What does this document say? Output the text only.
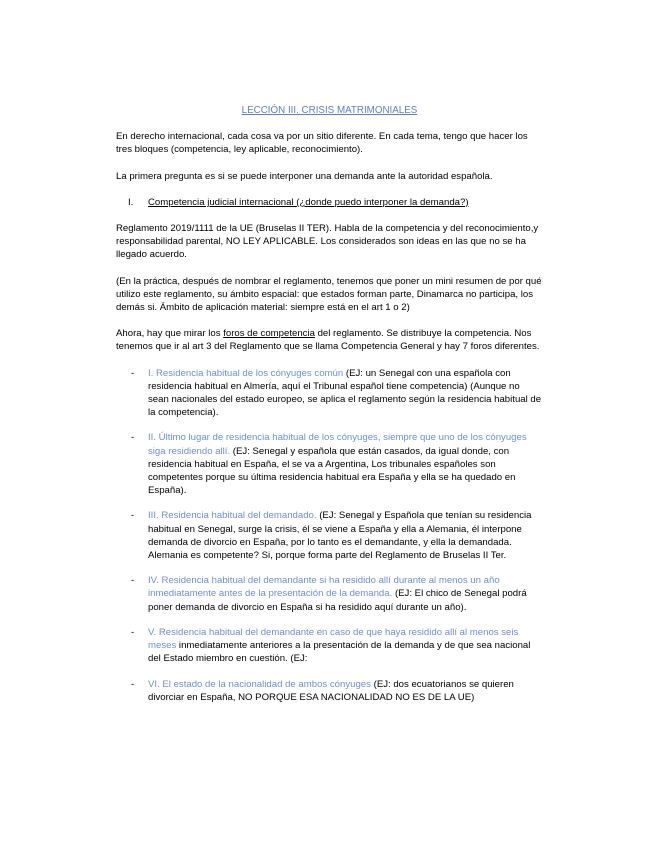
LECCIÓN III. CRISIS MATRIMONIALES

En derecho internacional, cada cosa va por un sitio diferente. En cada tema, tengo que hacer los tres bloques (competencia, ley aplicable, reconocimiento).

La primera pregunta es si se puede interponer una demanda ante la autoridad española.

I.	Competencia judicial internacional (¿donde puedo interponer la demanda?)

Reglamento 2019/1111 de la UE (Bruselas II TER). Habla de la competencia y del reconocimiento,y responsabilidad parental, NO LEY APLICABLE. Los considerados son ideas en las que no se ha llegado acuerdo.

(En la práctica, después de nombrar el reglamento, tenemos que poner un mini resumen de por qué utilizo este reglamento, su ámbito espacial: que estados forman parte, Dinamarca no participa, los demás si. Ámbito de aplicación material: siempre está en el art 1 o 2)

Ahora, hay que mirar los foros de competencia del reglamento. Se distribuye la competencia. Nos tenemos que ir al art 3 del Reglamento que se llama Competencia General y hay 7 foros diferentes.

-	I. Residencia habitual de los cónyuges común (EJ: un Senegal con una española con residencia habitual en Almería, aquí el Tribunal español tiene competencia) (Aunque no sean nacionales del estado europeo, se aplica el reglamento según la residencia habitual de la competencia).
-	II. Último lugar de residencia habitual de los cónyuges, siempre que uno de los cónyuges siga residiendo allí. (EJ: Senegal y española que están casados, da igual donde, con residencia habitual en España, el se va a Argentina, Los tribunales españoles son competentes porque su última residencia habitual era España y ella se ha quedado en España).
-	III. Residencia habitual del demandado. (EJ: Senegal y Española que tenían su residencia habitual en Senegal, surge la crisis, él se viene a España y ella a Alemania, él interpone demanda de divorcio en España, por lo tanto es el demandante, y ella la demandada. Alemania es competente? Si, porque forma parte del Reglamento de Bruselas II Ter.
-	IV. Residencia habitual del demandante si ha residido allí durante al menos un año inmediatamente antes de la presentación de la demanda. (EJ: El chico de Senegal podrá poner demanda de divorcio en España si ha residido aquí durante un año).
-	V. Residencia habitual del demandante en caso de que haya residido allí al menos seis meses inmediatamente anteriores a la presentación de la demanda y de que sea nacional del Estado miembro en cuestión. (EJ:
-	VI. El estado de la nacionalidad de ambos cónyuges (EJ: dos ecuatorianos se quieren divorciar en España, NO PORQUE ESA NACIONALIDAD NO ES DE LA UE)
